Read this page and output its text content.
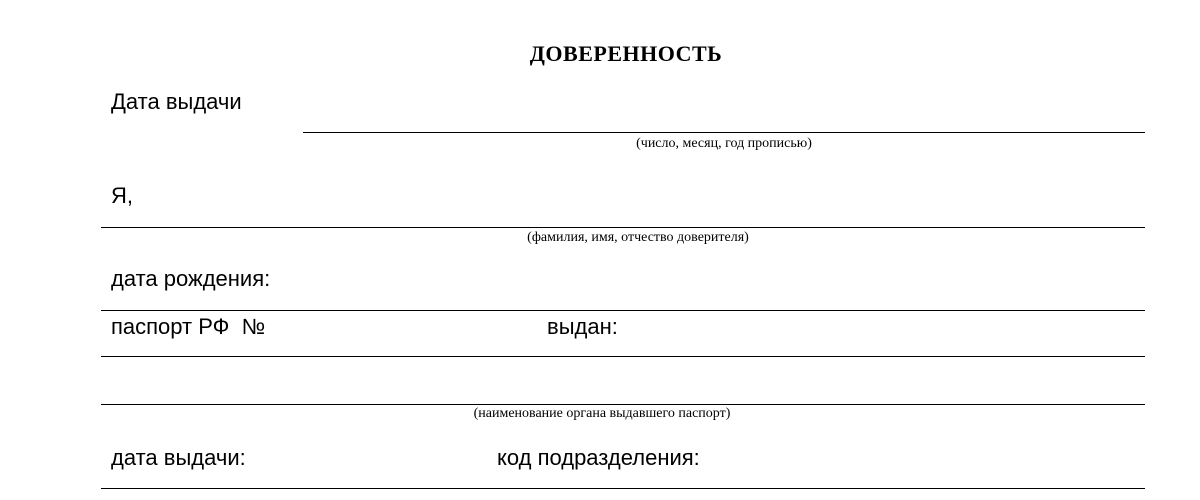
ДОВЕРЕННОСТЬ
Дата выдачи
(число, месяц, год прописью)
Я,
(фамилия, имя, отчество доверителя)
дата рождения:
паспорт РФ  №	выдан:
(наименование органа выдавшего паспорт)
дата выдачи:	код подразделения:
